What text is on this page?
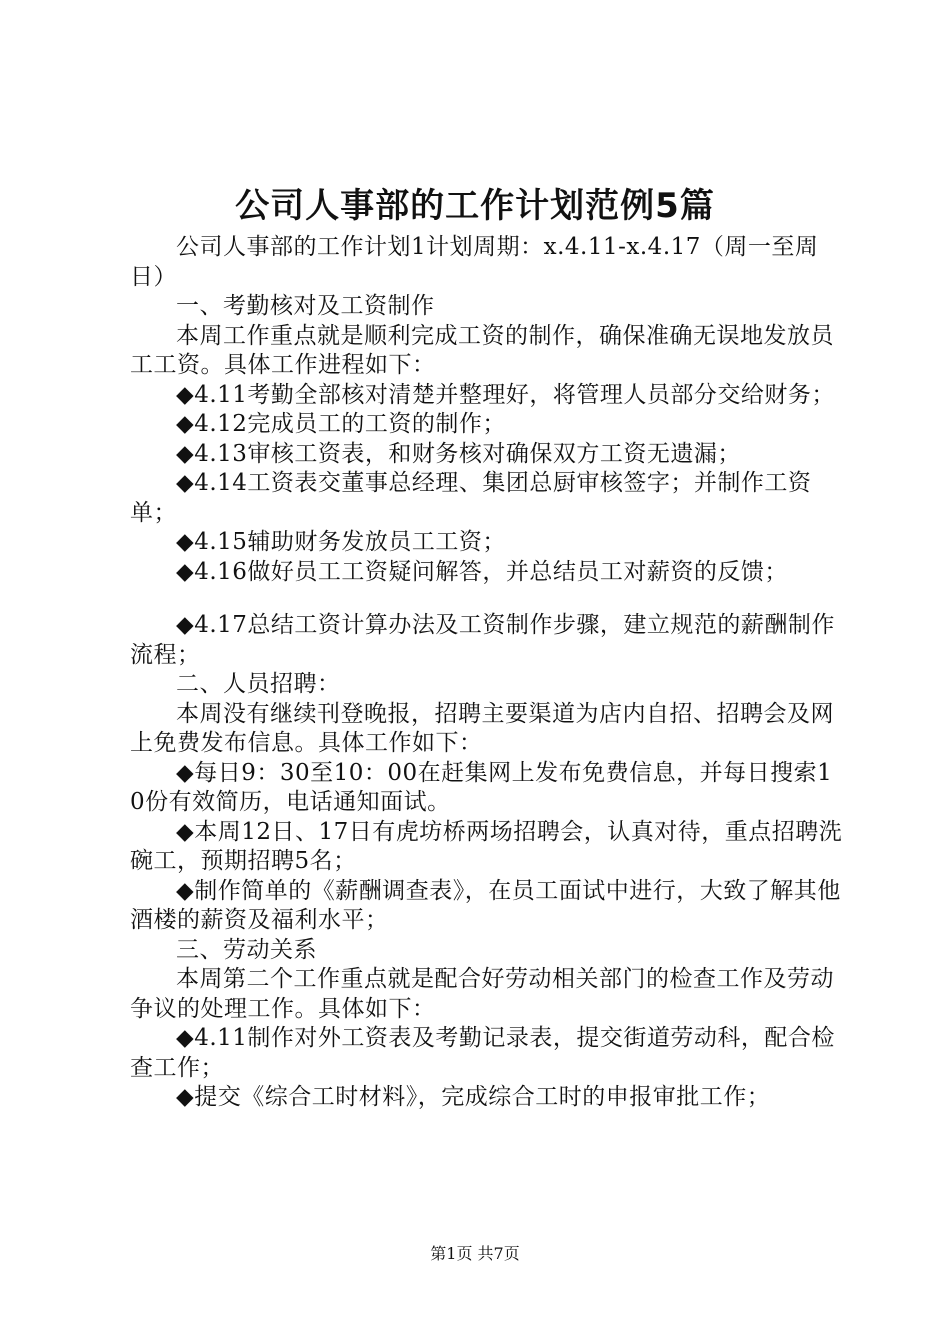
公司人事部的工作计划范例5篇

公司人事部的工作计划1计划周期：x.4.11-x.4.17（周一至周日）

一、考勤核对及工资制作

本周工作重点就是顺利完成工资的制作，确保准确无误地发放员工工资。具体工作进程如下：

◆4.11考勤全部核对清楚并整理好，将管理人员部分交给财务；

◆4.12完成员工的工资的制作；

◆4.13审核工资表，和财务核对确保双方工资无遗漏；

◆4.14工资表交董事总经理、集团总厨审核签字；并制作工资单；

◆4.15辅助财务发放员工工资；

◆4.16做好员工工资疑问解答，并总结员工对薪资的反馈；

◆4.17总结工资计算办法及工资制作步骤，建立规范的薪酬制作流程；

二、人员招聘：

本周没有继续刊登晚报，招聘主要渠道为店内自招、招聘会及网上免费发布信息。具体工作如下：

◆每日9：30至10：00在赶集网上发布免费信息，并每日搜索10份有效简历，电话通知面试。

◆本周12日、17日有虎坊桥两场招聘会，认真对待，重点招聘洗碗工，预期招聘5名；

◆制作简单的《薪酬调查表》，在员工面试中进行，大致了解其他酒楼的薪资及福利水平；

三、劳动关系

本周第二个工作重点就是配合好劳动相关部门的检查工作及劳动争议的处理工作。具体如下：

◆4.11制作对外工资表及考勤记录表，提交街道劳动科，配合检查工作；

◆提交《综合工时材料》，完成综合工时的申报审批工作；

第1页 共7页
